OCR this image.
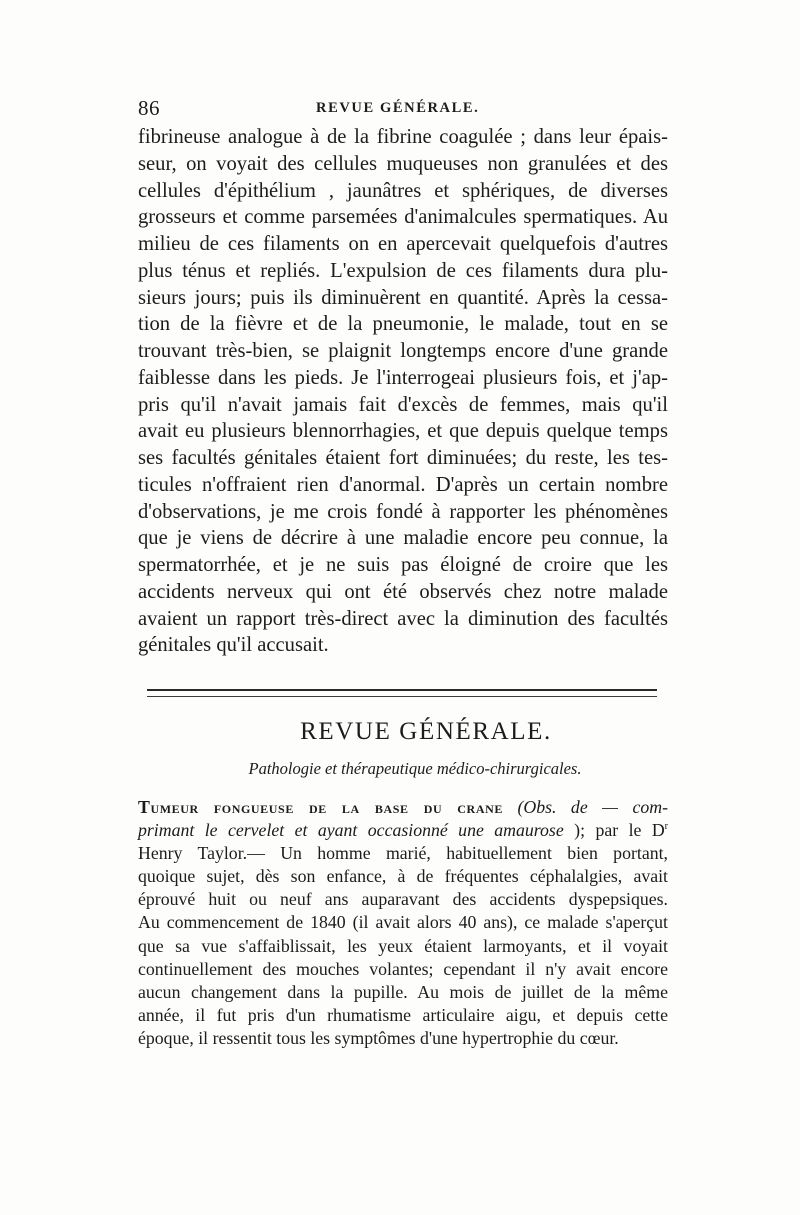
86	REVUE GÉNÉRALE.
fibrineuse analogue à de la fibrine coagulée ; dans leur épais-
seur, on voyait des cellules muqueuses non granulées et des
cellules d'épithélium , jaunâtres et sphériques, de diverses
grosseurs et comme parsemées d'animalcules spermatiques. Au
milieu de ces filaments on en apercevait quelquefois d'autres
plus ténus et repliés. L'expulsion de ces filaments dura plu-
sieurs jours; puis ils diminuèrent en quantité. Après la cessa-
tion de la fièvre et de la pneumonie, le malade, tout en se
trouvant très-bien, se plaignit longtemps encore d'une grande
faiblesse dans les pieds. Je l'interrogeai plusieurs fois, et j'ap-
pris qu'il n'avait jamais fait d'excès de femmes, mais qu'il
avait eu plusieurs blennorrhagies, et que depuis quelque temps
ses facultés génitales étaient fort diminuées; du reste, les tes-
ticules n'offraient rien d'anormal. D'après un certain nombre
d'observations, je me crois fondé à rapporter les phénomènes
que je viens de décrire à une maladie encore peu connue, la
spermatorrhée, et je ne suis pas éloigné de croire que les
accidents nerveux qui ont été observés chez notre malade
avaient un rapport très-direct avec la diminution des facultés
génitales qu'il accusait.
REVUE GÉNÉRALE.
Pathologie et thérapeutique médico-chirurgicales.
Tumeur fongueuse de la base du crane (Obs. de — com-
primant le cervelet et ayant occasionné une amaurose ); par le $D^r$
Henry Taylor.— Un homme marié, habituellement bien portant,
quoique sujet, dès son enfance, à de fréquentes céphalalgies, avait
éprouvé huit ou neuf ans auparavant des accidents dyspepsiques.
Au commencement de 1840 (il avait alors 40 ans), ce malade s'aperçut
que sa vue s'affaiblissait, les yeux étaient larmoyants, et il voyait
continuellement des mouches volantes; cependant il n'y avait encore
aucun changement dans la pupille. Au mois de juillet de la même
année, il fut pris d'un rhumatisme articulaire aigu, et depuis cette
époque, il ressentit tous les symptômes d'une hypertrophie du cœur.
